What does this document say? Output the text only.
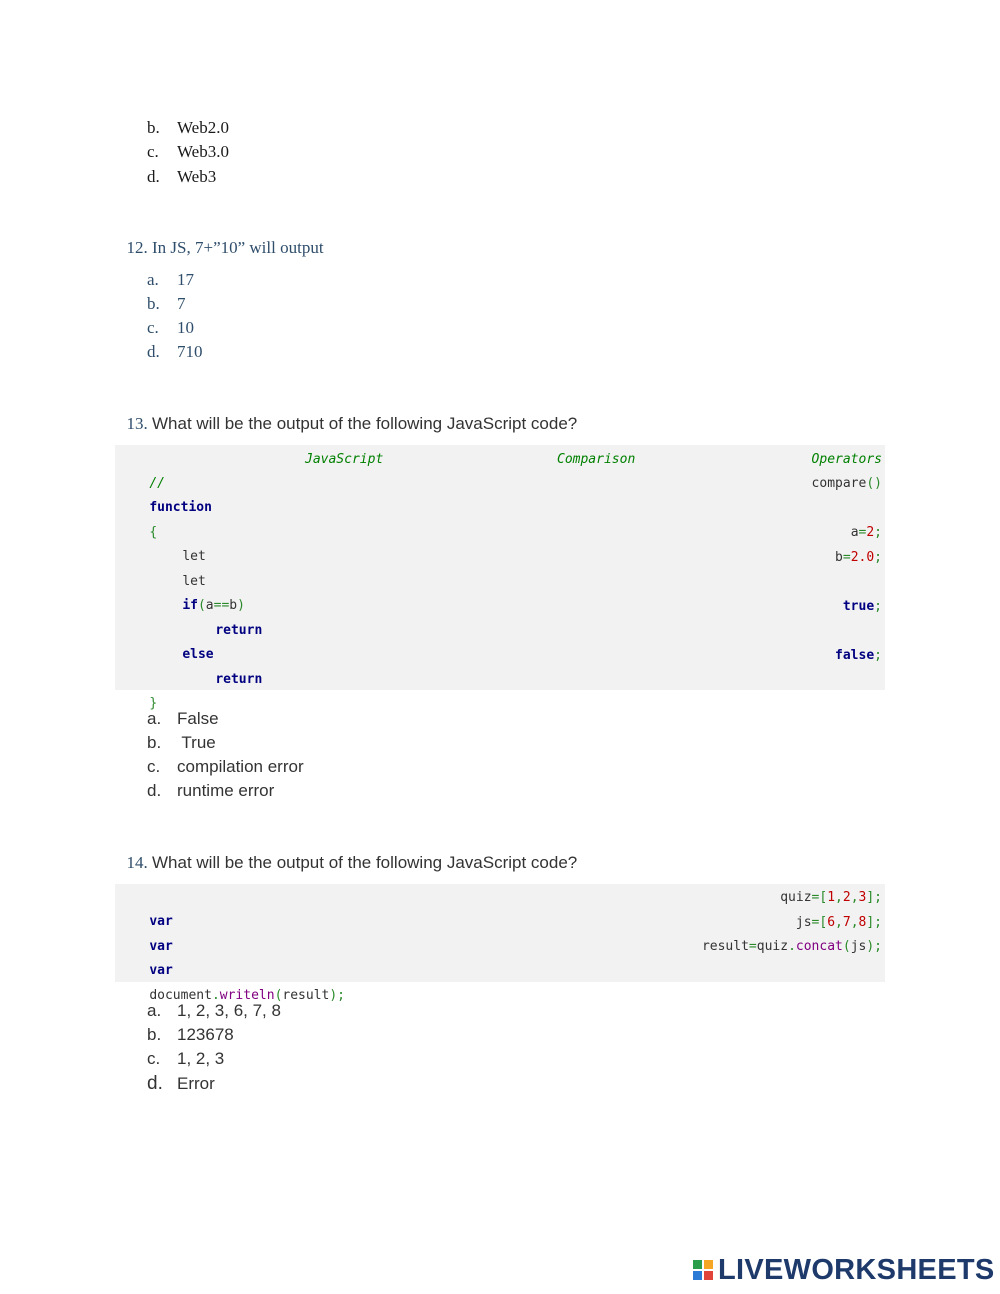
b. Web2.0
c. Web3.0
d. Web3

12. In JS, 7+”10” will output

a. 17
b. 7
c. 10
d. 710

13. What will be the output of the following JavaScript code?

//
JavaScript	Comparison	Operators

function
compare()

{

let
a=2;

let
b=2.0;

if(a==b)

return
true;

else

return
false;

}

a. False
b. True
c. compilation error
d. runtime error

14. What will be the output of the following JavaScript code?

var
quiz=[1,2,3];

var
js=[6,7,8];

var
result=quiz.concat(js);

document.writeln(result);

a. 1, 2, 3, 6, 7, 8
b. 123678
c. 1, 2, 3
d. Error
LIVEWORKSHEETS
